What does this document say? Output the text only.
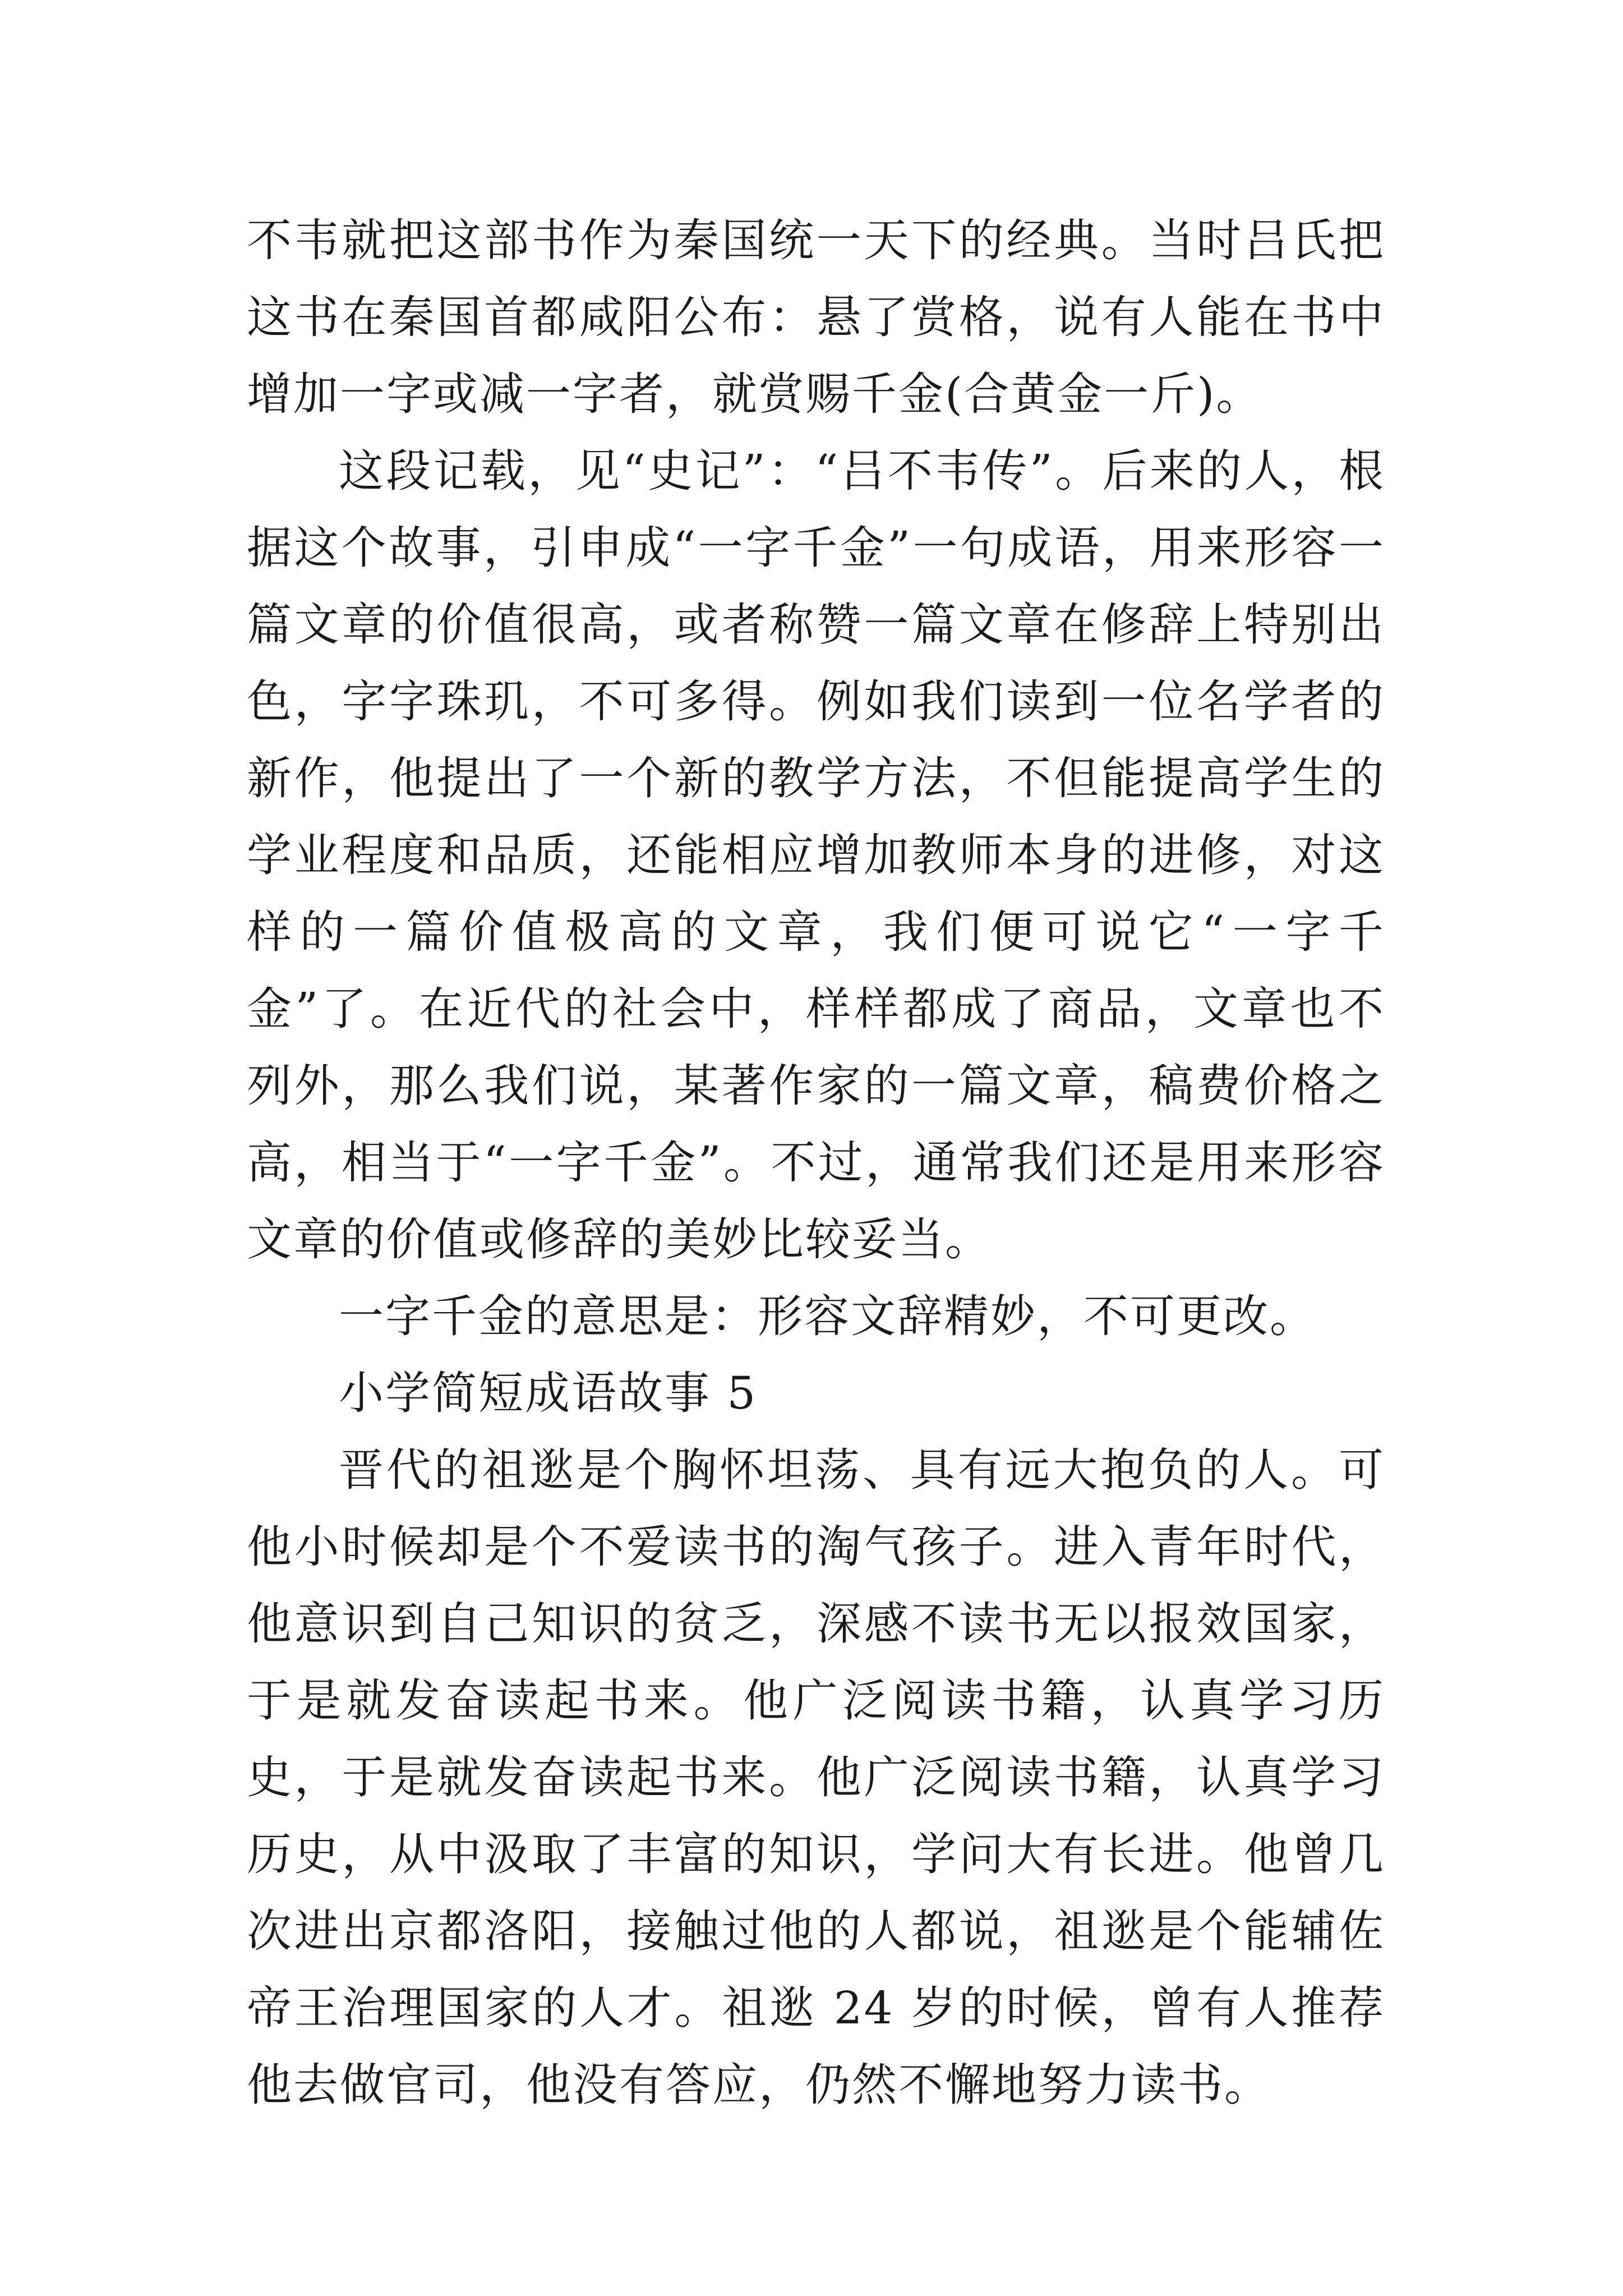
不韦就把这部书作为秦国统一天下的经典。当时吕氏把这书在秦国首都咸阳公布：悬了赏格，说有人能在书中增加一字或减一字者，就赏赐千金(合黄金一斤)。

这段记载，见“史记”：“吕不韦传”。后来的人，根据这个故事，引申成“一字千金”一句成语，用来形容一篇文章的价值很高，或者称赞一篇文章在修辞上特别出色，字字珠玑，不可多得。例如我们读到一位名学者的新作，他提出了一个新的教学方法，不但能提高学生的学业程度和品质，还能相应增加教师本身的进修，对这样的一篇价值极高的文章，我们便可说它“一字千金”了。在近代的社会中，样样都成了商品，文章也不列外，那么我们说，某著作家的一篇文章，稿费价格之高，相当于“一字千金”。不过，通常我们还是用来形容文章的价值或修辞的美妙比较妥当。

一字千金的意思是：形容文辞精妙，不可更改。

小学简短成语故事 5

晋代的祖逖是个胸怀坦荡、具有远大抱负的人。可他小时候却是个不爱读书的淘气孩子。进入青年时代，他意识到自己知识的贫乏，深感不读书无以报效国家，于是就发奋读起书来。他广泛阅读书籍，认真学习历史，于是就发奋读起书来。他广泛阅读书籍，认真学习历史，从中汲取了丰富的知识，学问大有长进。他曾几次进出京都洛阳，接触过他的人都说，祖逖是个能辅佐帝王治理国家的人才。祖逖 24 岁的时候，曾有人推荐他去做官司，他没有答应，仍然不懈地努力读书。
